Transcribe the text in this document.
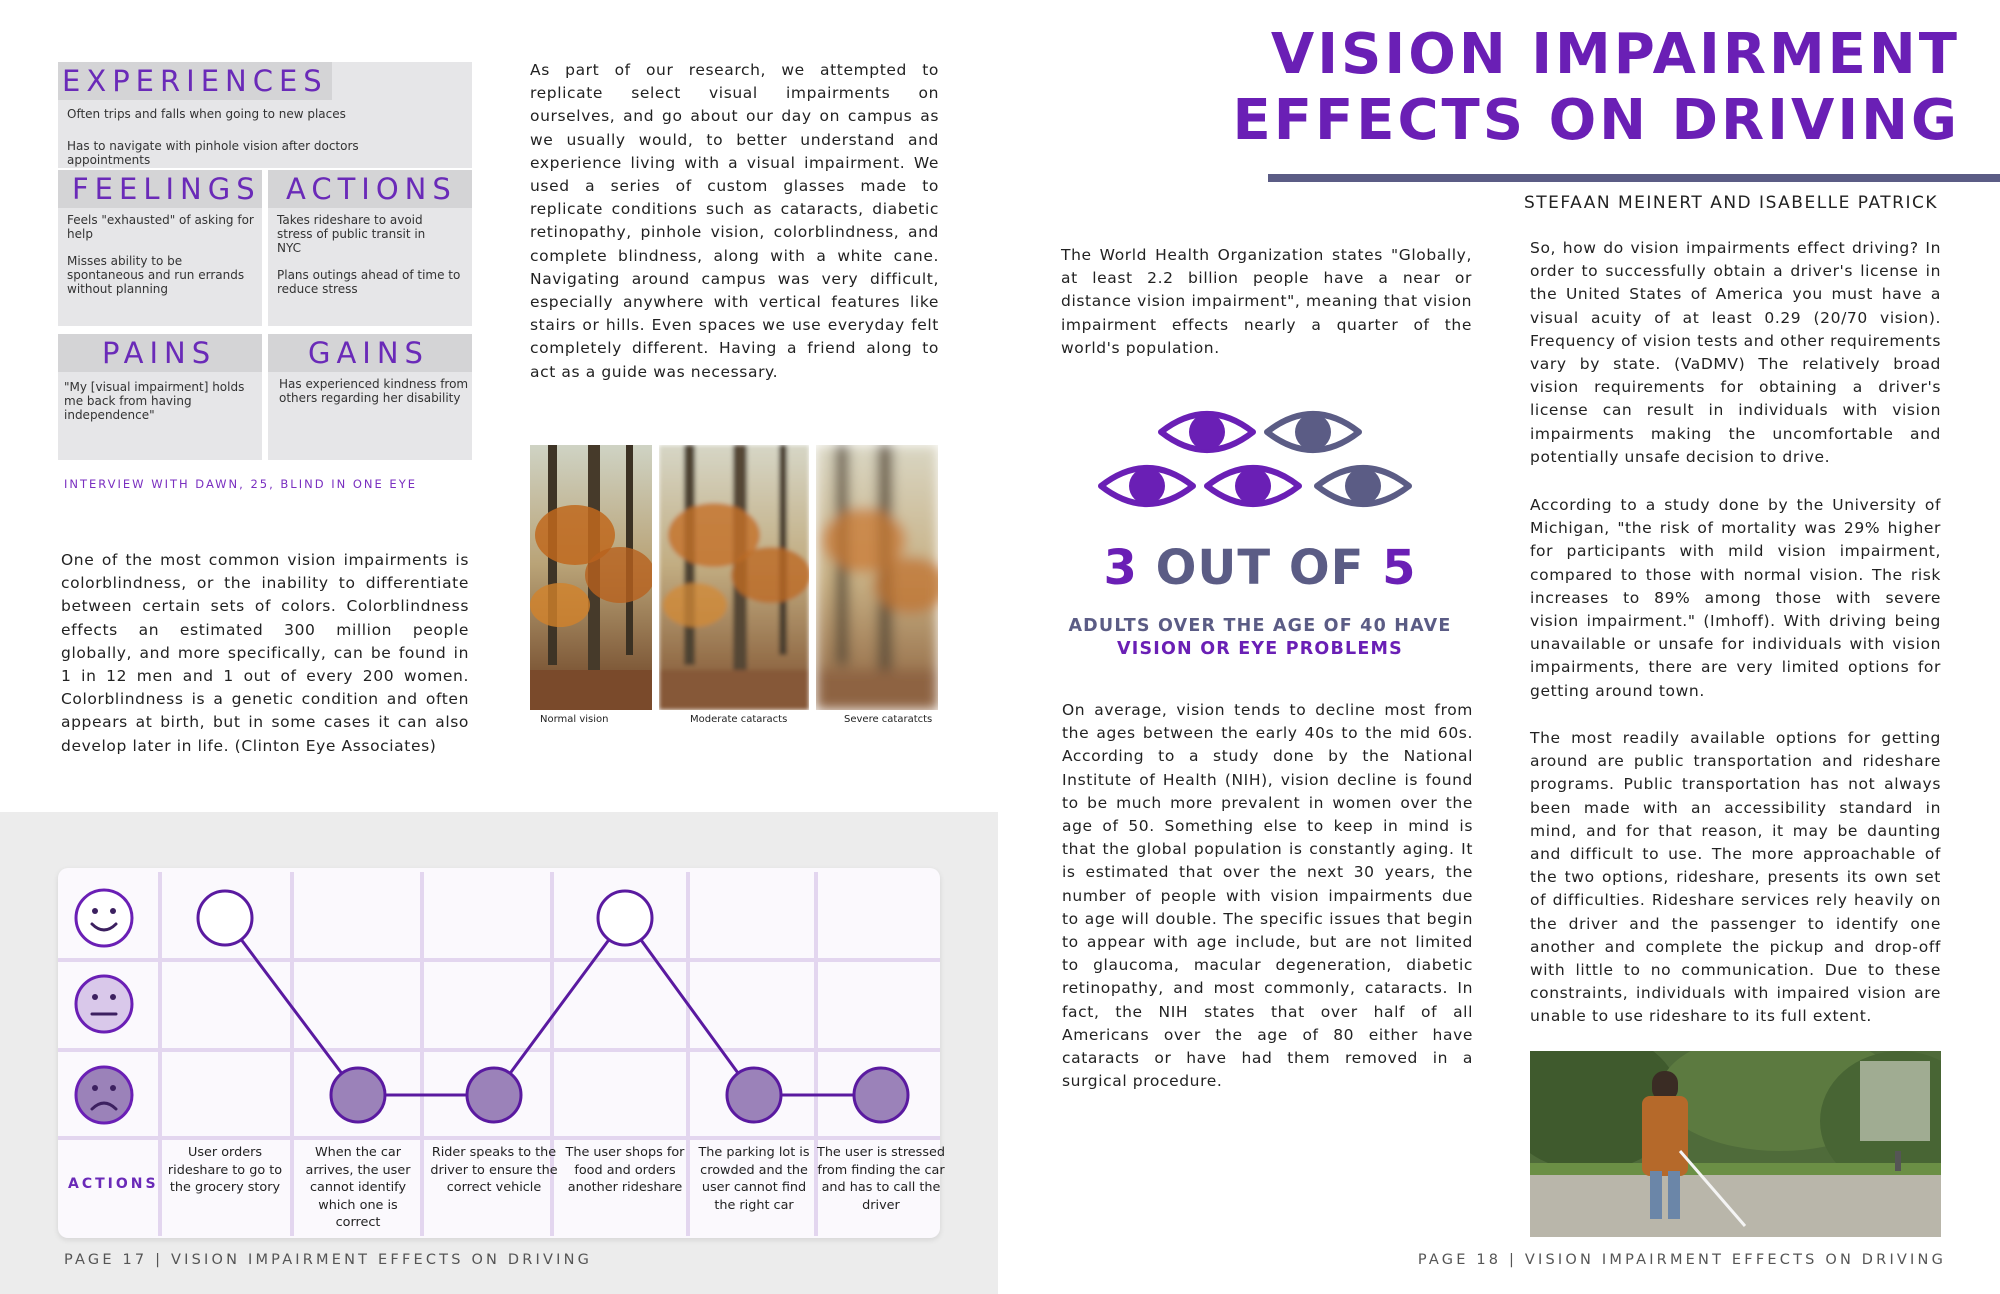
EXPERIENCES
Often trips and falls when going to new places
Has to navigate with pinhole vision after doctors appointments
FEELINGS
Feels "exhausted" of asking for help
Misses ability to be spontaneous and run errands without planning
ACTIONS
Takes rideshare to avoid stress of public transit in NYC
Plans outings ahead of time to reduce stress
PAINS
"My [visual impairment] holds me back from having independence"
GAINS
Has experienced kindness from others regarding her disability
INTERVIEW WITH DAWN, 25, BLIND IN ONE EYE
As part of our research, we attempted to replicate select visual impairments on ourselves, and go about our day on campus as we usually would, to better understand and experience living with a visual impairment. We used a series of custom glasses made to replicate conditions such as cataracts, diabetic retinopathy, pinhole vision, colorblindness, and complete blindness, along with a white cane. Navigating around campus was very difficult, especially anywhere with vertical features like stairs or hills. Even spaces we use everyday felt completely different. Having a friend along to act as a guide was necessary.
One of the most common vision impairments is colorblindness, or the inability to differentiate between certain sets of colors. Colorblindness effects an estimated 300 million people globally, and more specifically, can be found in 1 in 12 men and 1 out of every 200 women. Colorblindness is a genetic condition and often appears at birth, but in some cases it can also develop later in life. (Clinton Eye Associates)
Normal vision	Moderate cataracts	Severe cataratcts
ACTIONS
User orders rideshare to go to the grocery story
When the car arrives, the user cannot identify which one is correct
Rider speaks to the driver to ensure the correct vehicle
The user shops for food and orders another rideshare
The parking lot is crowded and the user cannot find the right car
The user is stressed from finding the car and has to call the driver
PAGE 17 | VISION IMPAIRMENT EFFECTS ON DRIVING
VISION IMPAIRMENT
EFFECTS ON DRIVING
STEFAAN MEINERT AND ISABELLE PATRICK
The World Health Organization states "Globally, at least 2.2 billion people have a near or distance vision impairment", meaning that vision impairment effects nearly a quarter of the world's population.
3 OUT OF 5
ADULTS OVER THE AGE OF 40 HAVE
VISION OR EYE PROBLEMS
On average, vision tends to decline most from the ages between the early 40s to the mid 60s. According to a study done by the National Institute of Health (NIH), vision decline is found to be much more prevalent in women over the age of 50. Something else to keep in mind is that the global population is constantly aging. It is estimated that over the next 30 years, the number of people with vision impairments due to age will double. The specific issues that begin to appear with age include, but are not limited to glaucoma, macular degeneration, diabetic retinopathy, and most commonly, cataracts. In fact, the NIH states that over half of all Americans over the age of 80 either have cataracts or have had them removed in a surgical procedure.
So, how do vision impairments effect driving? In order to successfully obtain a driver's license in the United States of America you must have a visual acuity of at least 0.29 (20/70 vision). Frequency of vision tests and other requirements vary by state. (VaDMV) The relatively broad vision requirements for obtaining a driver's license can result in individuals with vision impairments making the uncomfortable and potentially unsafe decision to drive.
According to a study done by the University of Michigan, "the risk of mortality was 29% higher for participants with mild vision impairment, compared to those with normal vision. The risk increases to 89% among those with severe vision impairment." (Imhoff). With driving being unavailable or unsafe for individuals with vision impairments, there are very limited options for getting around town.
The most readily available options for getting around are public transportation and rideshare programs. Public transportation has not always been made with an accessibility standard in mind, and for that reason, it may be daunting and difficult to use. The more approachable of the two options, rideshare, presents its own set of difficulties. Rideshare services rely heavily on the driver and the passenger to identify one another and complete the pickup and drop-off with little to no communication. Due to these constraints, individuals with impaired vision are unable to use rideshare to its full extent.
PAGE 18 | VISION IMPAIRMENT EFFECTS ON DRIVING
